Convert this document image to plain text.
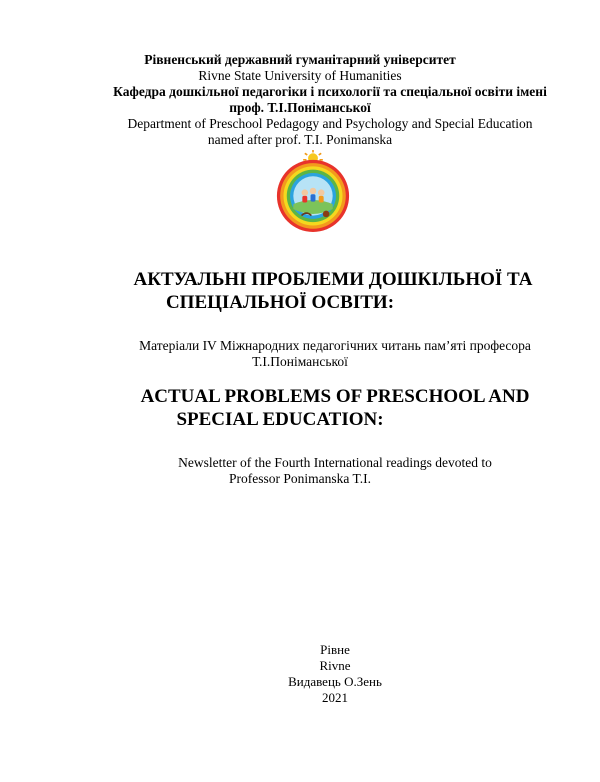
Рівненський державний гуманітарний університет
Rivne State University of Humanities
Кафедра дошкільної педагогіки і психології та спеціальної освіти імені
проф. Т.І.Поніманської
Department of Preschool Pedagogy and Psychology and Special Education
named after prof. T.I. Ponimanska
АКТУАЛЬНІ ПРОБЛЕМИ ДОШКІЛЬНОЇ ТА
СПЕЦІАЛЬНОЇ ОСВІТИ:
Матеріали IV Міжнародних педагогічних читань пам’яті професора
Т.І.Поніманської
ACTUAL PROBLEMS OF PRESCHOOL AND
SPECIAL EDUCATION:
Newsletter of the Fourth International readings devoted to
Professor Ponimanska T.I.
Рівне
Rivne
Видавець О.Зень
2021
